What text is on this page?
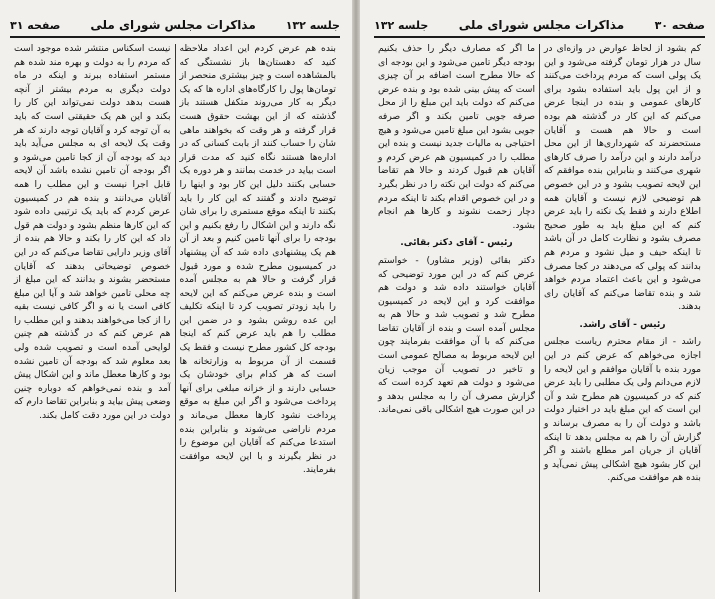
جلسه ۱۳۲
مذاکرات مجلس شورای ملی
صفحه ۳۱

بنده هم عرض کردم این اعداد ملاحظه کنید که دهستان‌ها باز نشستگی که بالمشاهده است و چیز بیشتری منحصر از تومان‌ها پول را کارگاه‌های اداره ها که یک دیگر به کار می‌روند متکفل هستند باز گذشته که از این بهشت حقوق هست قرار گرفته و هر وقت که بخواهند ماهی شان را حساب کنند از بابت کسانی که در اداره‌ها هستند نگاه کنید که مدت قرار است بیاید در خدمت بمانند و هر دوره یک حسابی بکنند دلیل این کار بود و اینها را توضیح دادند و گفتند که این کار را باید بکنند تا اینکه موقع مستمری را برای شان نگه دارند و این اشکال را رفع بکنیم و این بودجه را برای آنها تامین کنیم و بعد از آن هم یک پیشنهادی داده شد که آن پیشنهاد در کمیسیون مطرح شده و مورد قبول قرار گرفت و حالا هم به مجلس آمده است و بنده عرض می‌کنم که این لایحه را باید زودتر تصویب کرد تا اینکه تکلیف این عده روشن بشود و در ضمن این مطلب را هم باید عرض کنم که اینجا بودجه کل کشور مطرح نیست و فقط یک قسمت از آن مربوط به وزارتخانه ها است که هر کدام برای خودشان یک حسابی دارند و از خزانه مبلغی برای آنها پرداخت می‌شود و اگر این مبلغ به موقع پرداخت نشود کارها معطل می‌ماند و مردم ناراضی می‌شوند و بنابراین بنده استدعا می‌کنم که آقایان این موضوع را در نظر بگیرند و با این لایحه موافقت بفرمایند.

نیست اسکناس منتشر شده موجود است که مردم را به دولت و بهره مند شده هم مستمر استفاده ببرند و اینکه در ماه دولت دیگری به مردم بیشتر از آنچه هست بدهد دولت نمی‌تواند این کار را بکند و این هم یک حقیقتی است که باید به آن توجه کرد و آقایان توجه دارند که هر وقت یک لایحه ای به مجلس می‌آید باید دید که بودجه آن از کجا تامین می‌شود و اگر بودجه آن تامین نشده باشد آن لایحه قابل اجرا نیست و این مطلب را همه آقایان می‌دانند و بنده هم در کمیسیون عرض کردم که باید یک ترتیبی داده شود که این کارها منظم بشود و دولت هم قول داد که این کار را بکند و حالا هم بنده از آقای وزیر دارایی تقاضا می‌کنم که در این خصوص توضیحاتی بدهند که آقایان مستحضر بشوند و بدانند که این مبلغ از چه محلی تامین خواهد شد و آیا این مبلغ کافی است یا نه و اگر کافی نیست بقیه را از کجا می‌خواهند بدهند و این مطلب را هم عرض کنم که در گذشته هم چنین لوایحی آمده است و تصویب شده ولی بعد معلوم شد که بودجه آن تامین نشده بود و کارها معطل ماند و این اشکال پیش آمد و بنده نمی‌خواهم که دوباره چنین وضعی پیش بیاید و بنابراین تقاضا دارم که دولت در این مورد دقت کامل بکند.

صفحه ۳۰
مذاکرات مجلس شورای ملی
جلسه ۱۳۲

کم بشود از لحاظ عوارض در وازه‌ای در سال در هزار تومان گرفته می‌شود و این یک پولی است که مردم پرداخت می‌کنند و از این پول باید استفاده بشود برای کارهای عمومی و بنده در اینجا عرض می‌کنم که این کار در گذشته هم بوده است و حالا هم هست و آقایان مستحضرند که شهرداری‌ها از این محل درآمد دارند و این درآمد را صرف کارهای شهری می‌کنند و بنابراین بنده موافقم که این لایحه تصویب بشود و در این خصوص هم توضیحی لازم نیست و آقایان همه اطلاع دارند و فقط یک نکته را باید عرض کنم که این مبلغ باید به طور صحیح مصرف بشود و نظارت کامل در آن باشد تا اینکه حیف و میل نشود و مردم هم بدانند که پولی که می‌دهند در کجا مصرف می‌شود و این باعث اعتماد مردم خواهد شد و بنده تقاضا می‌کنم که آقایان رای بدهند.

رئیس - آقای راشد.

راشد - از مقام محترم ریاست مجلس اجازه می‌خواهم که عرض کنم در این مورد بنده با آقایان موافقم و این لایحه را لازم می‌دانم ولی یک مطلبی را باید عرض کنم که در کمیسیون هم مطرح شد و آن این است که این مبلغ باید در اختیار دولت باشد و دولت آن را به مصرف برساند و گزارش آن را هم به مجلس بدهد تا اینکه آقایان از جریان امر مطلع باشند و اگر این کار بشود هیچ اشکالی پیش نمی‌آید و بنده هم موافقت می‌کنم.

ما اگر که مصارف دیگر را حذف بکنیم بودجه دیگر تامین می‌شود و این بودجه ای که حالا مطرح است اضافه بر آن چیزی است که پیش بینی شده بود و بنده عرض می‌کنم که دولت باید این مبلغ را از محل صرفه جویی تامین بکند و اگر صرفه جویی بشود این مبلغ تامین می‌شود و هیچ احتیاجی به مالیات جدید نیست و بنده این مطلب را در کمیسیون هم عرض کردم و آقایان هم قبول کردند و حالا هم تقاضا می‌کنم که دولت این نکته را در نظر بگیرد و در این خصوص اقدام بکند تا اینکه مردم دچار زحمت نشوند و کارها هم انجام بشود.

رئیس - آقای دکتر بقائی.

دکتر بقائی (وزیر مشاور) - خواستم عرض کنم که در این مورد توضیحی که آقایان خواستند داده شد و دولت هم موافقت کرد و این لایحه در کمیسیون مطرح شد و تصویب شد و حالا هم به مجلس آمده است و بنده از آقایان تقاضا می‌کنم که با آن موافقت بفرمایند چون این لایحه مربوط به مصالح عمومی است و تاخیر در تصویب آن موجب زیان می‌شود و دولت هم تعهد کرده است که گزارش مصرف آن را به مجلس بدهد و در این صورت هیچ اشکالی باقی نمی‌ماند.
